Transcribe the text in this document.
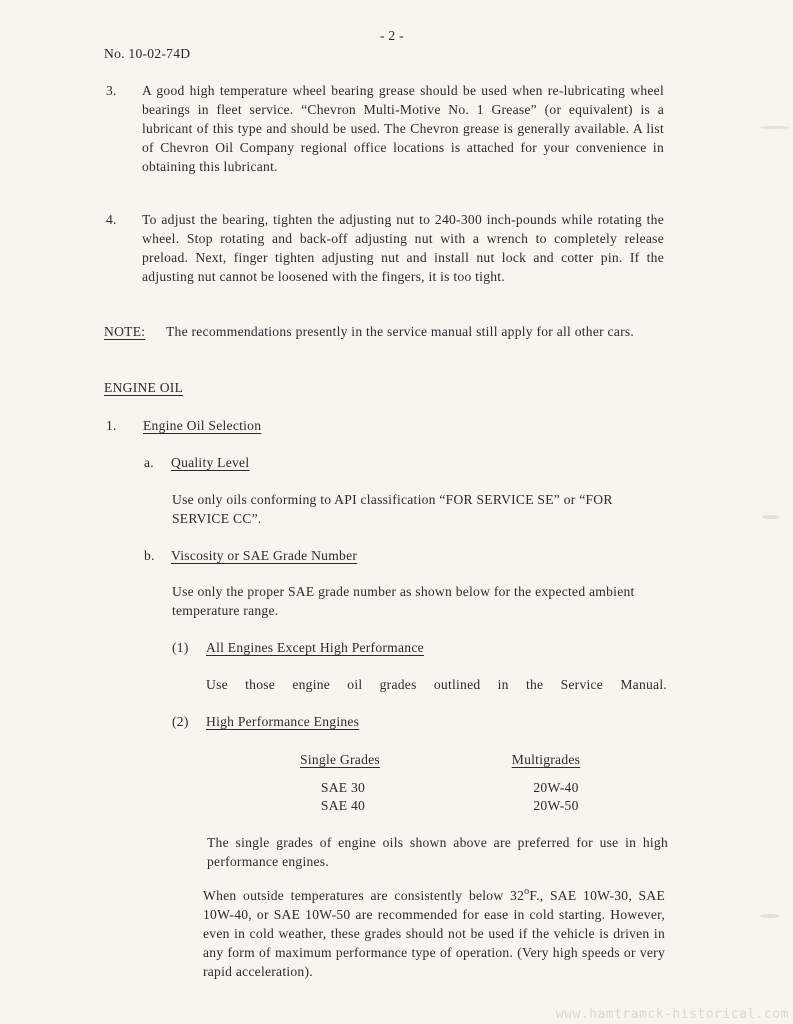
- 2 -
No. 10-02-74D
3. A good high temperature wheel bearing grease should be used when re-lubricating wheel bearings in fleet service. “Chevron Multi-Motive No. 1 Grease” (or equivalent) is a lubricant of this type and should be used. The Chevron grease is generally available. A list of Chevron Oil Company regional office locations is attached for your convenience in obtaining this lubricant.
4. To adjust the bearing, tighten the adjusting nut to 240-300 inch-pounds while rotating the wheel. Stop rotating and back-off adjusting nut with a wrench to completely release preload. Next, finger tighten adjusting nut and install nut lock and cotter pin. If the adjusting nut cannot be loosened with the fingers, it is too tight.
NOTE:	The recommendations presently in the service manual still apply for all other cars.
ENGINE OIL
1. Engine Oil Selection
a. Quality Level
Use only oils conforming to API classification “FOR SERVICE SE” or “FOR SERVICE CC”.
b. Viscosity or SAE Grade Number
Use only the proper SAE grade number as shown below for the expected ambient temperature range.
(1) All Engines Except High Performance
Use those engine oil grades outlined in the Service Manual.
(2) High Performance Engines
Single Grades	Multigrades
SAE 30	20W-40
SAE 40	20W-50
The single grades of engine oils shown above are preferred for use in high performance engines.
When outside temperatures are consistently below 32$^o$F., SAE 10W-30, SAE 10W-40, or SAE 10W-50 are recommended for ease in cold starting. However, even in cold weather, these grades should not be used if the vehicle is driven in any form of maximum performance type of operation. (Very high speeds or very rapid acceleration).
www.hamtramck-historical.com
